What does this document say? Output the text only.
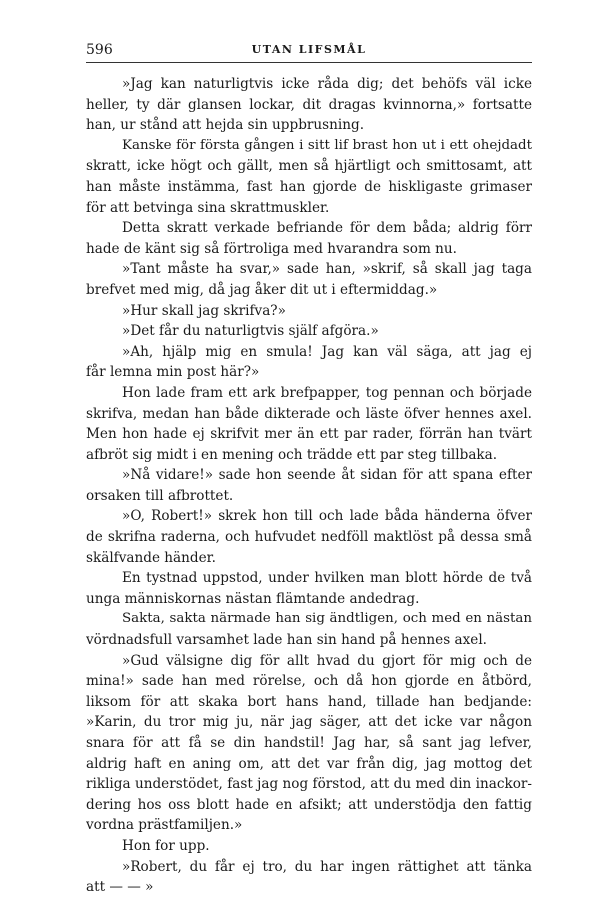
596	UTAN LIFSMÅL
»Jag kan naturligtvis icke råda dig; det behöfs väl icke
heller, ty där glansen lockar, dit dragas kvinnorna,» fortsatte
han, ur stånd att hejda sin uppbrusning.
Kanske för första gången i sitt lif brast hon ut i ett ohejdadt
skratt, icke högt och gällt, men så hjärtligt och smittosamt, att
han måste instämma, fast han gjorde de hiskligaste grimaser
för att betvinga sina skrattmuskler.
Detta skratt verkade befriande för dem båda; aldrig förr
hade de känt sig så förtroliga med hvarandra som nu.
»Tant måste ha svar,» sade han, »skrif, så skall jag taga
brefvet med mig, då jag åker dit ut i eftermiddag.»
»Hur skall jag skrifva?»
»Det får du naturligtvis själf afgöra.»
»Ah, hjälp mig en smula! Jag kan väl säga, att jag ej
får lemna min post här?»
Hon lade fram ett ark brefpapper, tog pennan och började
skrifva, medan han både dikterade och läste öfver hennes axel.
Men hon hade ej skrifvit mer än ett par rader, förrän han tvärt
afbröt sig midt i en mening och trädde ett par steg tillbaka.
»Nå vidare!» sade hon seende åt sidan för att spana efter
orsaken till afbrottet.
»O, Robert!» skrek hon till och lade båda händerna öfver
de skrifna raderna, och hufvudet nedföll maktlöst på dessa små
skälfvande händer.
En tystnad uppstod, under hvilken man blott hörde de två
unga människornas nästan flämtande andedrag.
Sakta, sakta närmade han sig ändtligen, och med en nästan
vördnadsfull varsamhet lade han sin hand på hennes axel.
»Gud välsigne dig för allt hvad du gjort för mig och de
mina!» sade han med rörelse, och då hon gjorde en åtbörd,
liksom för att skaka bort hans hand, tillade han bedjande:
»Karin, du tror mig ju, när jag säger, att det icke var någon
snara för att få se din handstil! Jag har, så sant jag lefver,
aldrig haft en aning om, att det var från dig, jag mottog det
rikliga understödet, fast jag nog förstod, att du med din inackor-
dering hos oss blott hade en afsikt; att understödja den fattig
vordna prästfamiljen.»
Hon for upp.
»Robert, du får ej tro, du har ingen rättighet att tänka
att — — »
